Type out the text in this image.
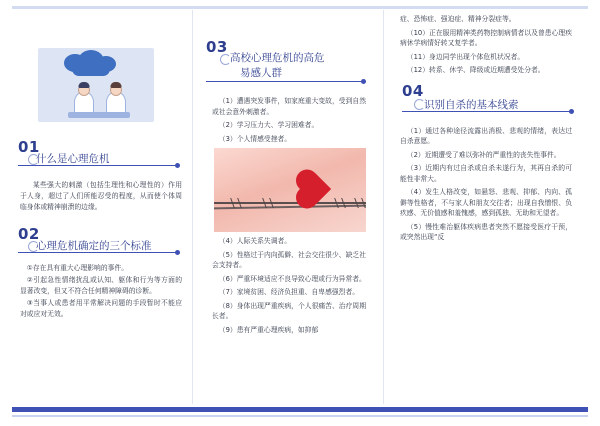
01
什么是心理危机

某些强大的刺激（包括生理性和心理性的）作用于人身，超过了人们所能忍受的程度，从而使个体周临身体或精神崩溃的边缘。

02
心理危机确定的三个标准

①存在具有重大心理影响的事件。

②引起急性情绪扰乱或认知、躯体和行为等方面的显著改变，但又不符合任何精神障碍的诊断。

③当事人或患者用平常解决问题的手段暂时不能应对或应对无效。

03
高校心理危机的高危
易感人群

（1）遭遇突发事件，如家庭重大变故，受到自然或社会意外刺激者。

（2）学习压力大、学习困难者。

（3）个人情感受挫者。

（4）人际关系失调者。

（5）性格过于内向孤僻、社会交往很少、缺乏社会支持者。

（6）严重环境适应不良导致心理或行为异常者。

（7）家境贫困、经济负担重、自卑感强烈者。

（8）身体出现严重疾病，个人很痛苦、治疗周期长者。

（9）患有严重心理疾病，如抑郁

症、恐怖症、强迫症、精神分裂症等。

（10）正在服用精神类药物控制病情者以及曾患心理疾病休学病情好转又复学者。

（11）身边同学出现个体危机状况者。

（12）转系、休学、降级或近期遭受处分者。

04
识别自杀的基本线索

（1）通过各种途径流露出消极、悲观的情绪，表达过自杀意愿。

（2）近期遭受了难以弥补的严重性的丧失性事件。

（3）近期内有过自杀或自杀未遂行为，其再自杀的可能性非常大。

（4）发生人格改变，如悬怒、悲观、抑郁、内向、孤僻等性格者，不与家人和朋友交往者；出现自我憎恨、负疚感、无价值感和羞愧感，感到孤独、无助和无望者。

（5）慢性难治躯体疾病患者突然不愿接受医疗干预，或突然出现“反
